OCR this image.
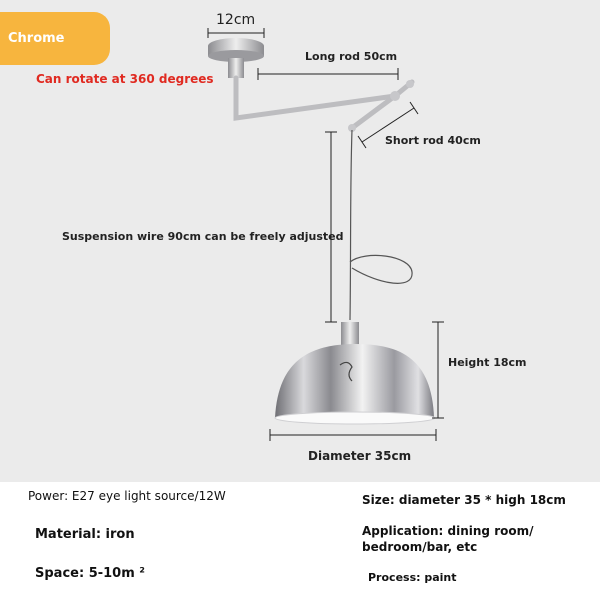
Chrome
12cm
Can rotate at 360 degrees
Long rod 50cm
Short rod 40cm
Suspension wire 90cm can be freely adjusted
Height 18cm
Diameter 35cm
Power: E27 eye light source/12W	Size: diameter 35 * high 18cm
Material: iron	Application: dining room/
bedroom/bar, etc
Space: 5-10m ²	Process: paint
